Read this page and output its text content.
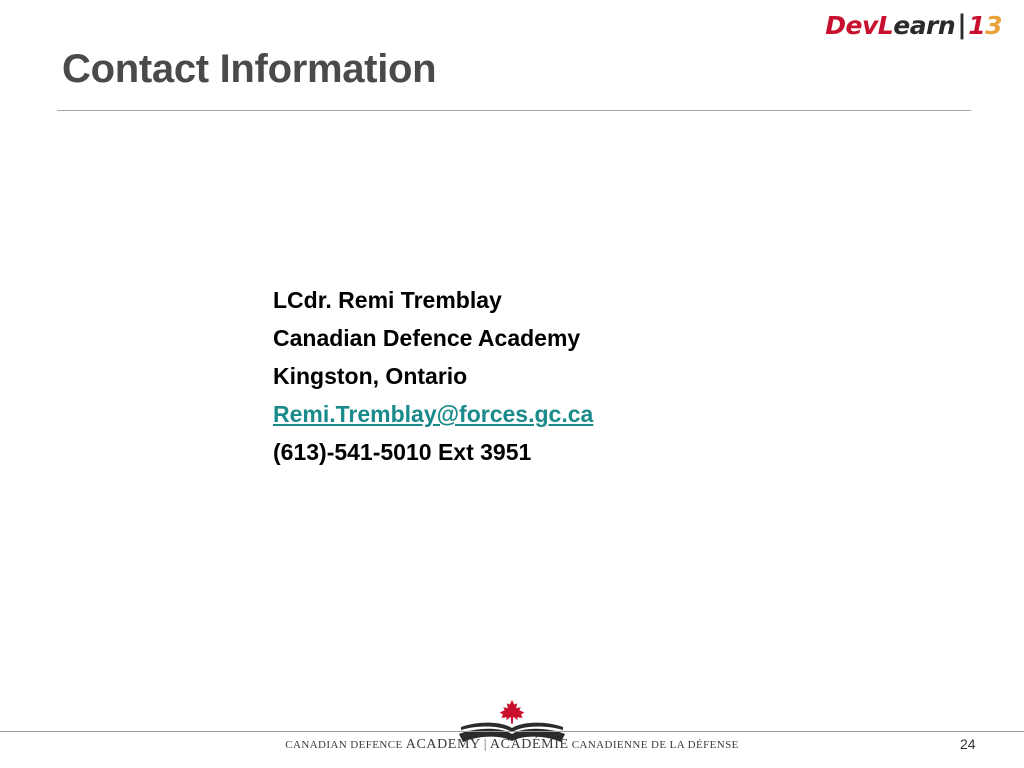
DevL earn | 1 3
Contact Information
LCdr. Remi Tremblay
Canadian Defence Academy
Kingston, Ontario
Remi.Tremblay@forces.gc.ca
(613)-541-5010 Ext 3951
CANADIAN DEFENCE ACADEMY | ACADÉMIE CANADIENNE DE LA DÉFENSE	24
